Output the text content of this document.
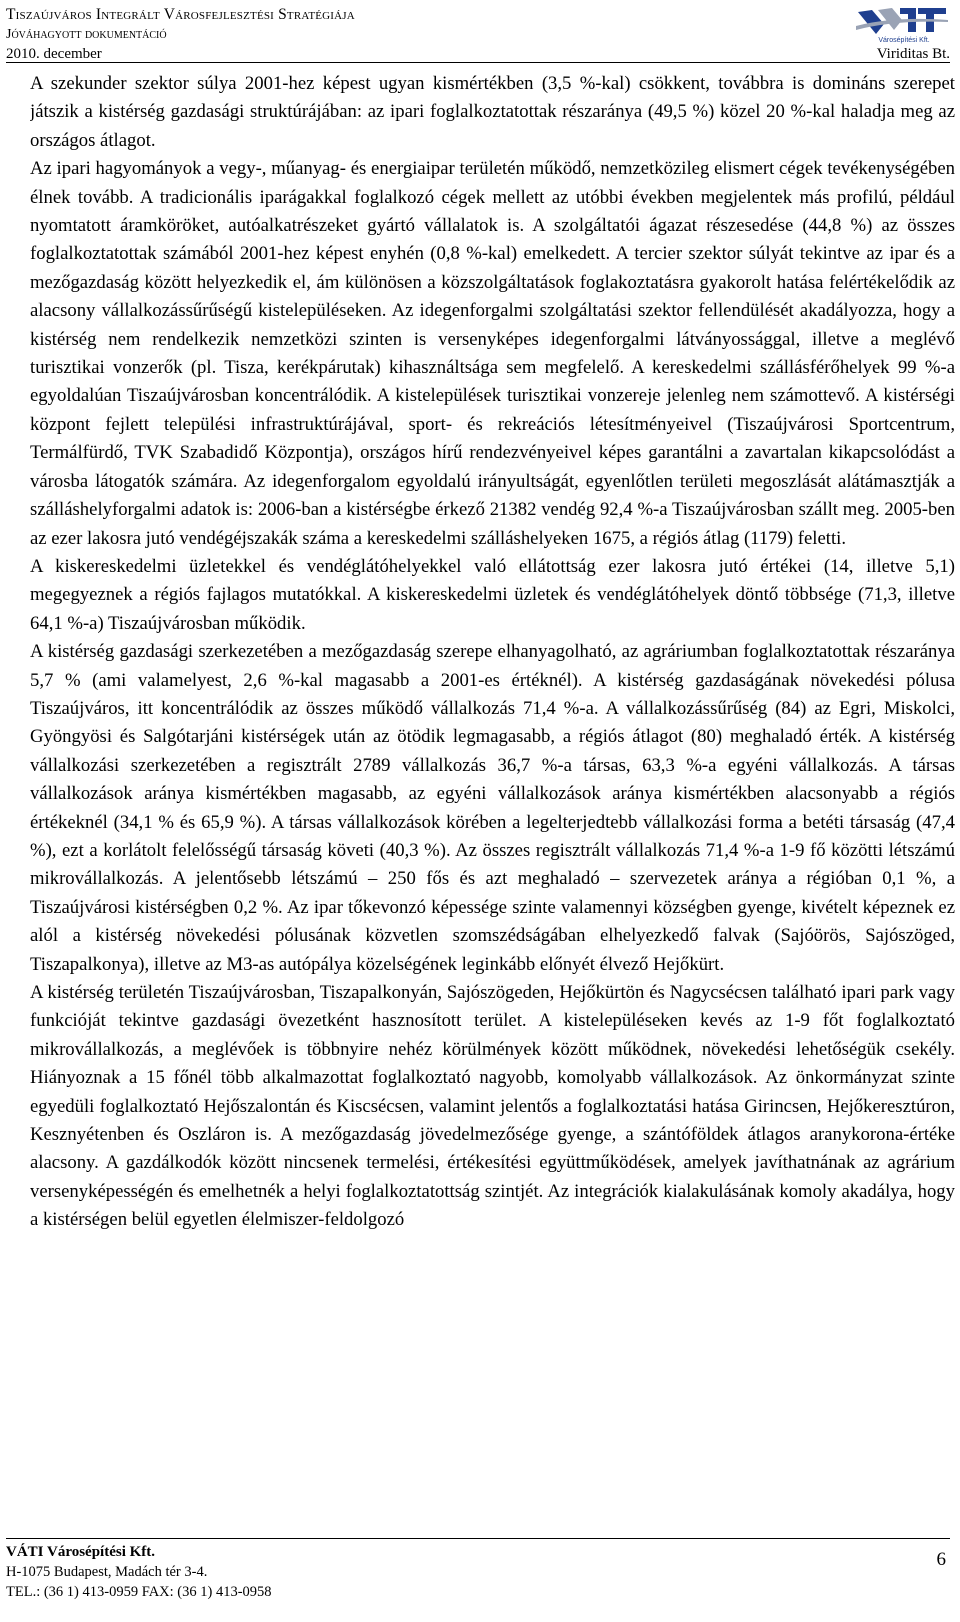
Tiszaújváros Integrált Városfejlesztési Stratégiája
Jóváhagyott dokumentáció
2010. december	Viriditas Bt.
Városépítési Kft.

A szekunder szektor súlya 2001-hez képest ugyan kismértékben (3,5 %-kal) csökkent, továbbra is domináns szerepet játszik a kistérség gazdasági struktúrájában: az ipari foglalkoztatottak részaránya (49,5 %) közel 20 %-kal haladja meg az országos átlagot.

Az ipari hagyományok a vegy-, műanyag- és energiaipar területén működő, nemzetközileg elismert cégek tevékenységében élnek tovább. A tradicionális iparágakkal foglalkozó cégek mellett az utóbbi években megjelentek más profilú, például nyomtatott áramköröket, autóalkatrészeket gyártó vállalatok is. A szolgáltatói ágazat részesedése (44,8 %) az összes foglalkoztatottak számából 2001-hez képest enyhén (0,8 %-kal) emelkedett. A tercier szektor súlyát tekintve az ipar és a mezőgazdaság között helyezkedik el, ám különösen a közszolgáltatások foglakoztatásra gyakorolt hatása felértékelődik az alacsony vállalkozássűrűségű kistelepüléseken. Az idegenforgalmi szolgáltatási szektor fellendülését akadályozza, hogy a kistérség nem rendelkezik nemzetközi szinten is versenyképes idegenforgalmi látványossággal, illetve a meglévő turisztikai vonzerők (pl. Tisza, kerékpárutak) kihasználtsága sem megfelelő. A kereskedelmi szállásférőhelyek 99 %-a egyoldalúan Tiszaújvárosban koncentrálódik. A kistelepülések turisztikai vonzereje jelenleg nem számottevő. A kistérségi központ fejlett települési infrastruktúrájával, sport- és rekreációs létesítményeivel (Tiszaújvárosi Sportcentrum, Termálfürdő, TVK Szabadidő Központja), országos hírű rendezvényeivel képes garantálni a zavartalan kikapcsolódást a városba látogatók számára. Az idegenforgalom egyoldalú irányultságát, egyenlőtlen területi megoszlását alátámasztják a szálláshelyforgalmi adatok is: 2006-ban a kistérségbe érkező 21382 vendég 92,4 %-a Tiszaújvárosban szállt meg. 2005-ben az ezer lakosra jutó vendégéjszakák száma a kereskedelmi szálláshelyeken 1675, a régiós átlag (1179) feletti.

A kiskereskedelmi üzletekkel és vendéglátóhelyekkel való ellátottság ezer lakosra jutó értékei (14, illetve 5,1) megegyeznek a régiós fajlagos mutatókkal. A kiskereskedelmi üzletek és vendéglátóhelyek döntő többsége (71,3, illetve 64,1 %-a) Tiszaújvárosban működik.

A kistérség gazdasági szerkezetében a mezőgazdaság szerepe elhanyagolható, az agráriumban foglalkoztatottak részaránya 5,7 % (ami valamelyest, 2,6 %-kal magasabb a 2001-es értéknél). A kistérség gazdaságának növekedési pólusa Tiszaújváros, itt koncentrálódik az összes működő vállalkozás 71,4 %-a. A vállalkozássűrűség (84) az Egri, Miskolci, Gyöngyösi és Salgótarjáni kistérségek után az ötödik legmagasabb, a régiós átlagot (80) meghaladó érték. A kistérség vállalkozási szerkezetében a regisztrált 2789 vállalkozás 36,7 %-a társas, 63,3 %-a egyéni vállalkozás. A társas vállalkozások aránya kismértékben magasabb, az egyéni vállalkozások aránya kismértékben alacsonyabb a régiós értékeknél (34,1 % és 65,9 %). A társas vállalkozások körében a legelterjedtebb vállalkozási forma a betéti társaság (47,4 %), ezt a korlátolt felelősségű társaság követi (40,3 %). Az összes regisztrált vállalkozás 71,4 %-a 1-9 fő közötti létszámú mikrovállalkozás. A jelentősebb létszámú – 250 fős és azt meghaladó – szervezetek aránya a régióban 0,1 %, a Tiszaújvárosi kistérségben 0,2 %. Az ipar tőkevonzó képessége szinte valamennyi községben gyenge, kivételt képeznek ez alól a kistérség növekedési pólusának közvetlen szomszédságában elhelyezkedő falvak (Sajóörös, Sajószöged, Tiszapalkonya), illetve az M3-as autópálya közelségének leginkább előnyét élvező Hejőkürt.

A kistérség területén Tiszaújvárosban, Tiszapalkonyán, Sajószögeden, Hejőkürtön és Nagycsécsen található ipari park vagy funkcióját tekintve gazdasági övezetként hasznosított terület. A kistelepüléseken kevés az 1-9 főt foglalkoztató mikrovállalkozás, a meglévőek is többnyire nehéz körülmények között működnek, növekedési lehetőségük csekély. Hiányoznak a 15 főnél több alkalmazottat foglalkoztató nagyobb, komolyabb vállalkozások. Az önkormányzat szinte egyedüli foglalkoztató Hejőszalontán és Kiscsécsen, valamint jelentős a foglalkoztatási hatása Girincsen, Hejőkeresztúron, Kesznyétenben és Oszláron is. A mezőgazdaság jövedelmezősége gyenge, a szántóföldek átlagos aranykorona-értéke alacsony. A gazdálkodók között nincsenek termelési, értékesítési együttműködések, amelyek javíthatnának az agrárium versenyképességén és emelhetnék a helyi foglalkoztatottság szintjét. Az integrációk kialakulásának komoly akadálya, hogy a kistérségen belül egyetlen élelmiszer-feldolgozó

VÁTI Városépítési Kft.
H-1075 Budapest, Madách tér 3-4.
TEL.: (36 1) 413-0959 FAX: (36 1) 413-0958
6
